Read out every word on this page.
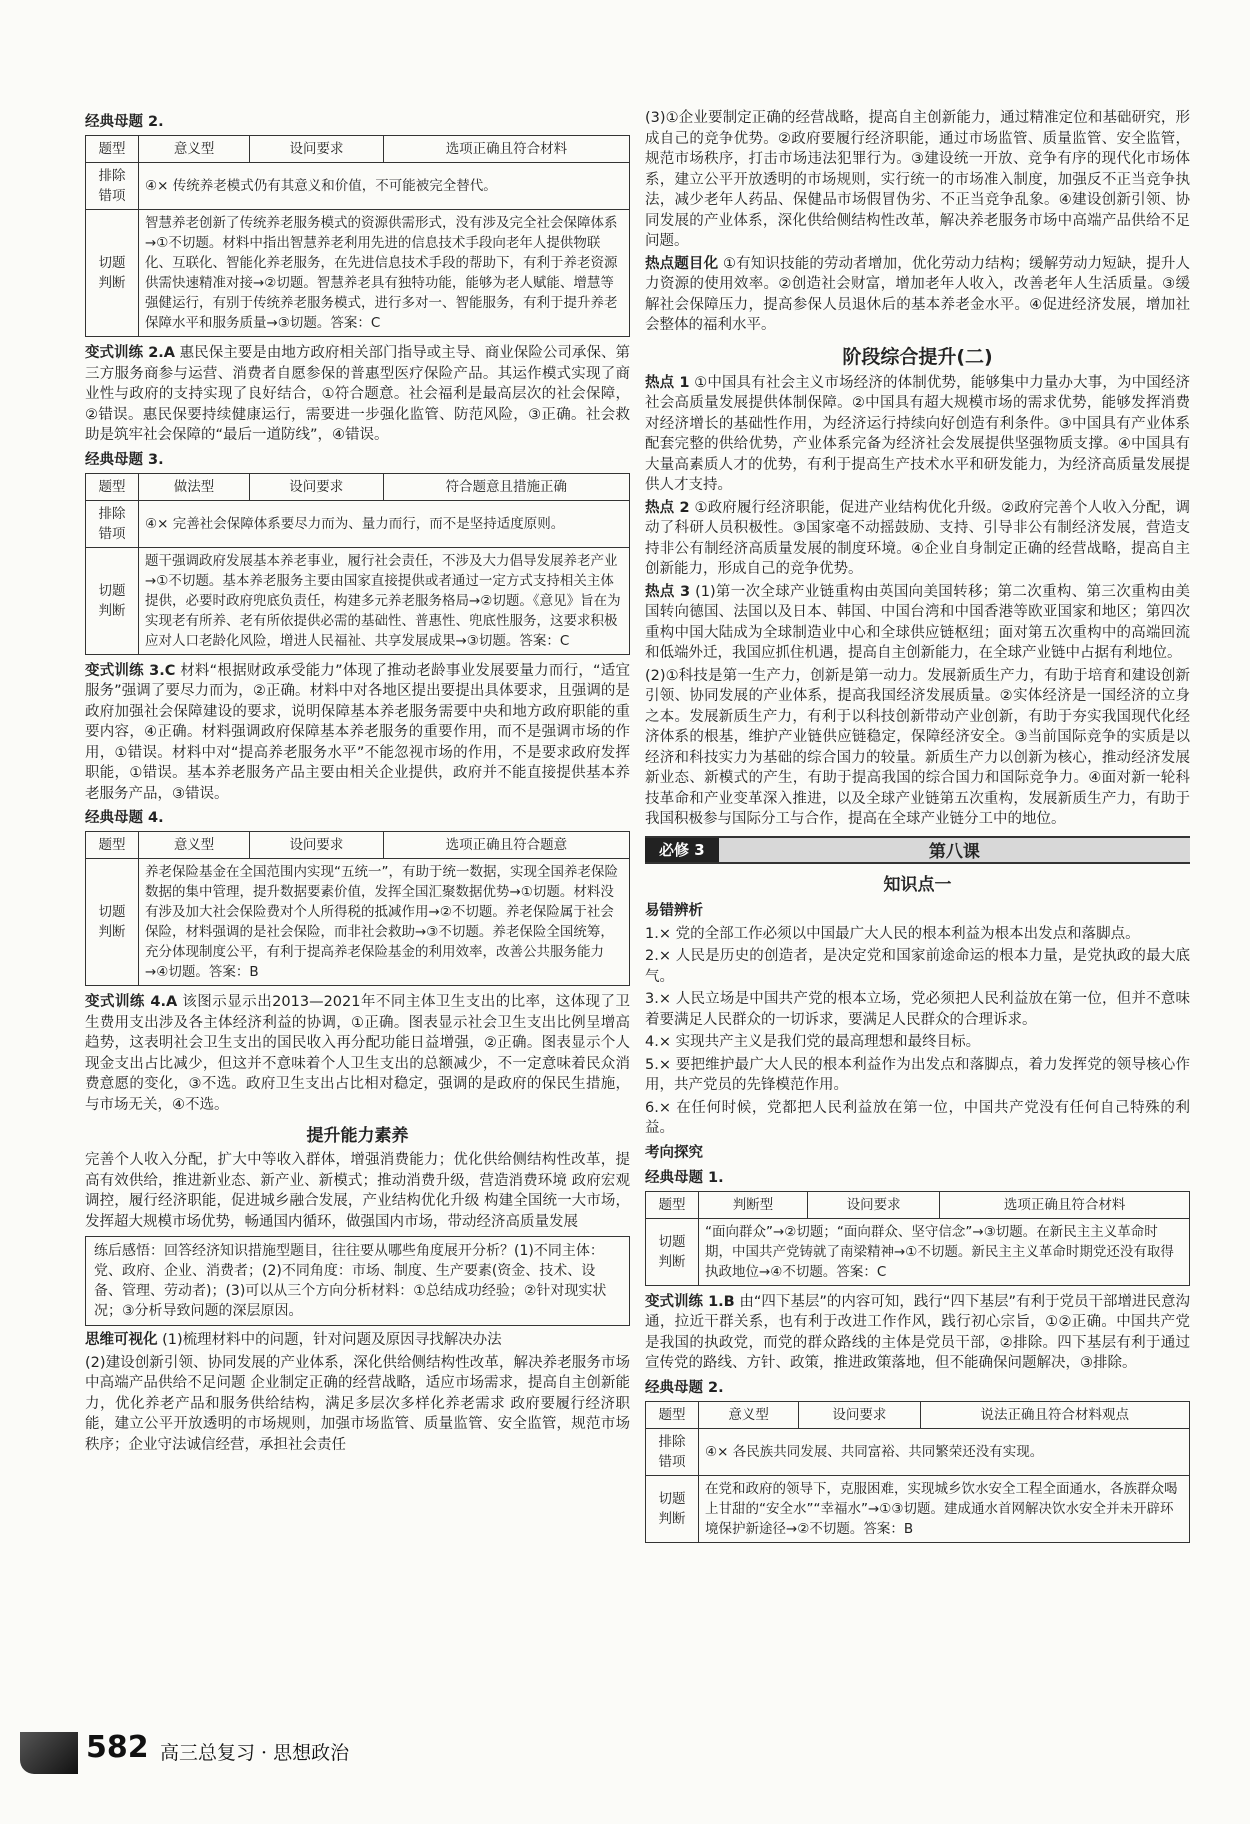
经典母题 2.
题型	意义型	设问要求	选项正确且符合材料
排除错项	④× 传统养老模式仍有其意义和价值，不可能被完全替代。		
切题判断	智慧养老创新了传统养老服务模式的资源供需形式，没有涉及完全社会保障体系→①不切题。材料中指出智慧养老利用先进的信息技术手段向老年人提供物联化、互联化、智能化养老服务，在先进信息技术手段的帮助下，有利于养老资源供需快速精准对接→②切题。智慧养老具有独特功能，能够为老人赋能、增慧等强健运行，有别于传统养老服务模式，进行多对一、智能服务，有利于提升养老保障水平和服务质量→③切题。答案：C		

变式训练 2.A 惠民保主要是由地方政府相关部门指导或主导、商业保险公司承保、第三方服务商参与运营、消费者自愿参保的普惠型医疗保险产品。其运作模式实现了商业性与政府的支持实现了良好结合，①符合题意。社会福利是最高层次的社会保障，②错误。惠民保要持续健康运行，需要进一步强化监管、防范风险，③正确。社会救助是筑牢社会保障的“最后一道防线”，④错误。

经典母题 3.
题型	做法型	设问要求	符合题意且措施正确
排除错项	④× 完善社会保障体系要尽力而为、量力而行，而不是坚持适度原则。		
切题判断	题干强调政府发展基本养老事业，履行社会责任，不涉及大力倡导发展养老产业→①不切题。基本养老服务主要由国家直接提供或者通过一定方式支持相关主体提供，必要时政府兜底负责任，构建多元养老服务格局→②切题。《意见》旨在为实现老有所养、老有所依提供必需的基础性、普惠性、兜底性服务，这要求积极应对人口老龄化风险，增进人民福祉、共享发展成果→③切题。答案：C		

变式训练 3.C 材料“根据财政承受能力”体现了推动老龄事业发展要量力而行，“适宜服务”强调了要尽力而为，②正确。材料中对各地区提出要提出具体要求，且强调的是政府加强社会保障建设的要求，说明保障基本养老服务需要中央和地方政府职能的重要内容，④正确。材料强调政府保障基本养老服务的重要作用，而不是强调市场的作用，①错误。材料中对“提高养老服务水平”不能忽视市场的作用，不是要求政府发挥职能，①错误。基本养老服务产品主要由相关企业提供，政府并不能直接提供基本养老服务产品，③错误。

经典母题 4.
题型	意义型	设问要求	选项正确且符合题意
切题判断	养老保险基金在全国范围内实现“五统一”，有助于统一数据，实现全国养老保险数据的集中管理，提升数据要素价值，发挥全国汇聚数据优势→①切题。材料没有涉及加大社会保险费对个人所得税的抵减作用→②不切题。养老保险属于社会保险，材料强调的是社会保险，而非社会救助→③不切题。养老保险全国统筹，充分体现制度公平，有利于提高养老保险基金的利用效率，改善公共服务能力→④切题。答案：B		

变式训练 4.A 该图示显示出2013—2021年不同主体卫生支出的比率，这体现了卫生费用支出涉及各主体经济利益的协调，①正确。图表显示社会卫生支出比例呈增高趋势，这表明社会卫生支出的国民收入再分配功能日益增强，②正确。图表显示个人现金支出占比减少，但这并不意味着个人卫生支出的总额减少，不一定意味着民众消费意愿的变化，③不选。政府卫生支出占比相对稳定，强调的是政府的保民生措施，与市场无关，④不选。

提升能力素养

完善个人收入分配，扩大中等收入群体，增强消费能力；优化供给侧结构性改革，提高有效供给，推进新业态、新产业、新模式；推动消费升级，营造消费环境 政府宏观调控，履行经济职能，促进城乡融合发展，产业结构优化升级 构建全国统一大市场，发挥超大规模市场优势，畅通国内循环，做强国内市场，带动经济高质量发展

练后感悟：回答经济知识措施型题目，往往要从哪些角度展开分析？(1)不同主体：党、政府、企业、消费者；(2)不同角度：市场、制度、生产要素(资金、技术、设备、管理、劳动者)；(3)可以从三个方向分析材料：①总结成功经验；②针对现实状况；③分析导致问题的深层原因。

思维可视化 (1)梳理材料中的问题，针对问题及原因寻找解决办法

(2)建设创新引领、协同发展的产业体系，深化供给侧结构性改革，解决养老服务市场中高端产品供给不足问题 企业制定正确的经营战略，适应市场需求，提高自主创新能力，优化养老产品和服务供给结构，满足多层次多样化养老需求 政府要履行经济职能，建立公平开放透明的市场规则，加强市场监管、质量监管、安全监管，规范市场秩序；企业守法诚信经营，承担社会责任

(3)①企业要制定正确的经营战略，提高自主创新能力，通过精准定位和基础研究，形成自己的竞争优势。②政府要履行经济职能，通过市场监管、质量监管、安全监管，规范市场秩序，打击市场违法犯罪行为。③建设统一开放、竞争有序的现代化市场体系，建立公平开放透明的市场规则，实行统一的市场准入制度，加强反不正当竞争执法，减少老年人药品、保健品市场假冒伪劣、不正当竞争乱象。④建设创新引领、协同发展的产业体系，深化供给侧结构性改革，解决养老服务市场中高端产品供给不足问题。

热点题目化 ①有知识技能的劳动者增加，优化劳动力结构；缓解劳动力短缺，提升人力资源的使用效率。②创造社会财富，增加老年人收入，改善老年人生活质量。③缓解社会保障压力，提高参保人员退休后的基本养老金水平。④促进经济发展，增加社会整体的福利水平。

阶段综合提升(二)

热点 1 ①中国具有社会主义市场经济的体制优势，能够集中力量办大事，为中国经济社会高质量发展提供体制保障。②中国具有超大规模市场的需求优势，能够发挥消费对经济增长的基础性作用，为经济运行持续向好创造有利条件。③中国具有产业体系配套完整的供给优势，产业体系完备为经济社会发展提供坚强物质支撑。④中国具有大量高素质人才的优势，有利于提高生产技术水平和研发能力，为经济高质量发展提供人才支持。

热点 2 ①政府履行经济职能，促进产业结构优化升级。②政府完善个人收入分配，调动了科研人员积极性。③国家毫不动摇鼓励、支持、引导非公有制经济发展，营造支持非公有制经济高质量发展的制度环境。④企业自身制定正确的经营战略，提高自主创新能力，形成自己的竞争优势。

热点 3 (1)第一次全球产业链重构由英国向美国转移；第二次重构、第三次重构由美国转向德国、法国以及日本、韩国、中国台湾和中国香港等欧亚国家和地区；第四次重构中国大陆成为全球制造业中心和全球供应链枢纽；面对第五次重构中的高端回流和低端外迁，我国应抓住机遇，提高自主创新能力，在全球产业链中占据有利地位。

(2)①科技是第一生产力，创新是第一动力。发展新质生产力，有助于培育和建设创新引领、协同发展的产业体系，提高我国经济发展质量。②实体经济是一国经济的立身之本。发展新质生产力，有利于以科技创新带动产业创新，有助于夯实我国现代化经济体系的根基，维护产业链供应链稳定，保障经济安全。③当前国际竞争的实质是以经济和科技实力为基础的综合国力的较量。新质生产力以创新为核心，推动经济发展新业态、新模式的产生，有助于提高我国的综合国力和国际竞争力。④面对新一轮科技革命和产业变革深入推进，以及全球产业链第五次重构，发展新质生产力，有助于我国积极参与国际分工与合作，提高在全球产业链分工中的地位。

必修 3	第八课
知识点一
易错辨析

1.× 党的全部工作必须以中国最广大人民的根本利益为根本出发点和落脚点。

2.× 人民是历史的创造者，是决定党和国家前途命运的根本力量，是党执政的最大底气。

3.× 人民立场是中国共产党的根本立场，党必须把人民利益放在第一位，但并不意味着要满足人民群众的一切诉求，要满足人民群众的合理诉求。

4.× 实现共产主义是我们党的最高理想和最终目标。

5.× 要把维护最广大人民的根本利益作为出发点和落脚点，着力发挥党的领导核心作用，共产党员的先锋模范作用。

6.× 在任何时候，党都把人民利益放在第一位，中国共产党没有任何自己特殊的利益。

考向探究
经典母题 1.
题型	判断型	设问要求	选项正确且符合材料
切题判断	“面向群众”→②切题；“面向群众、坚守信念”→③切题。在新民主主义革命时期，中国共产党铸就了南梁精神→①不切题。新民主主义革命时期党还没有取得执政地位→④不切题。答案：C		

变式训练 1.B 由“四下基层”的内容可知，践行“四下基层”有利于党员干部增进民意沟通，拉近干群关系，也有利于改进工作作风，践行初心宗旨，①②正确。中国共产党是我国的执政党，而党的群众路线的主体是党员干部，②排除。四下基层有利于通过宣传党的路线、方针、政策，推进政策落地，但不能确保问题解决，③排除。

经典母题 2.
题型	意义型	设问要求	说法正确且符合材料观点
排除错项	④× 各民族共同发展、共同富裕、共同繁荣还没有实现。		
切题判断	在党和政府的领导下，克服困难，实现城乡饮水安全工程全面通水，各族群众喝上甘甜的“安全水”“幸福水”→①③切题。建成通水首网解决饮水安全并未开辟环境保护新途径→②不切题。答案：B		
582 高三总复习 · 思想政治
